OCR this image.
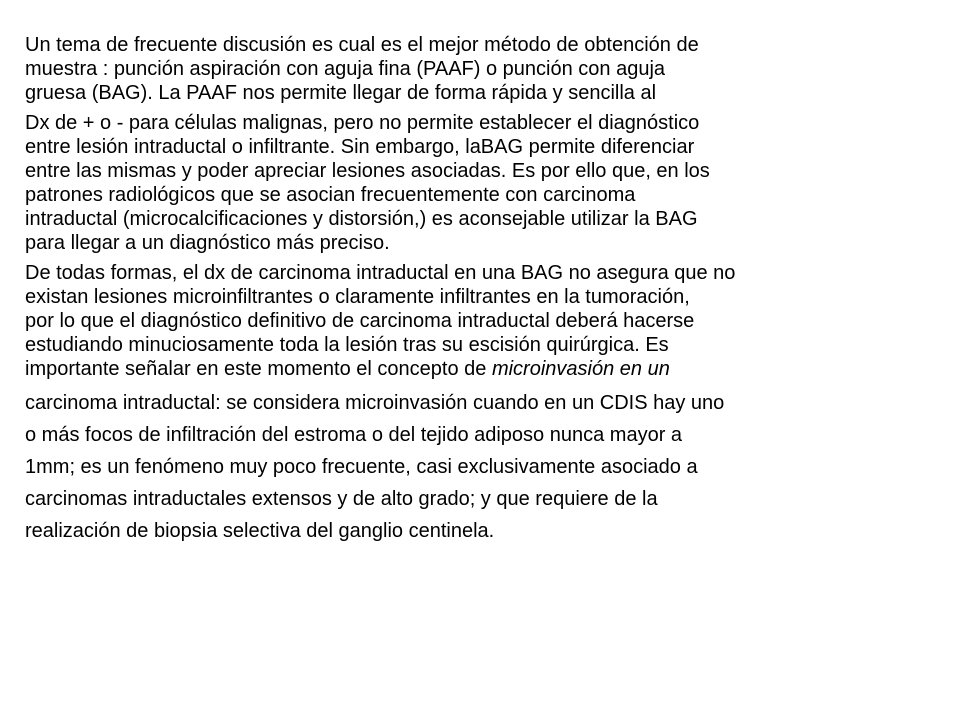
Un tema de frecuente discusión es cual es el mejor método de obtención de
muestra : punción aspiración con aguja fina (PAAF) o punción con aguja
gruesa (BAG). La PAAF nos permite llegar de forma rápida y sencilla al

Dx de + o - para células malignas, pero no permite establecer el diagnóstico
entre lesión intraductal o infiltrante. Sin embargo, laBAG permite diferenciar
entre las mismas y poder apreciar lesiones asociadas. Es por ello que, en los
patrones radiológicos que se asocian frecuentemente con carcinoma
intraductal (microcalcificaciones y distorsión,) es aconsejable utilizar la BAG
para llegar a un diagnóstico más preciso.

De todas formas, el dx de carcinoma intraductal en una BAG no asegura que no
existan lesiones microinfiltrantes o claramente infiltrantes en la tumoración,
por lo que el diagnóstico definitivo de carcinoma intraductal deberá hacerse
estudiando minuciosamente toda la lesión tras su escisión quirúrgica. Es
importante señalar en este momento el concepto de microinvasión en un

carcinoma intraductal: se considera microinvasión cuando en un CDIS hay uno

o más focos de infiltración del estroma o del tejido adiposo nunca mayor a

1mm; es un fenómeno muy poco frecuente, casi exclusivamente asociado a

carcinomas intraductales extensos y de alto grado; y que requiere de la

realización de biopsia selectiva del ganglio centinela.
